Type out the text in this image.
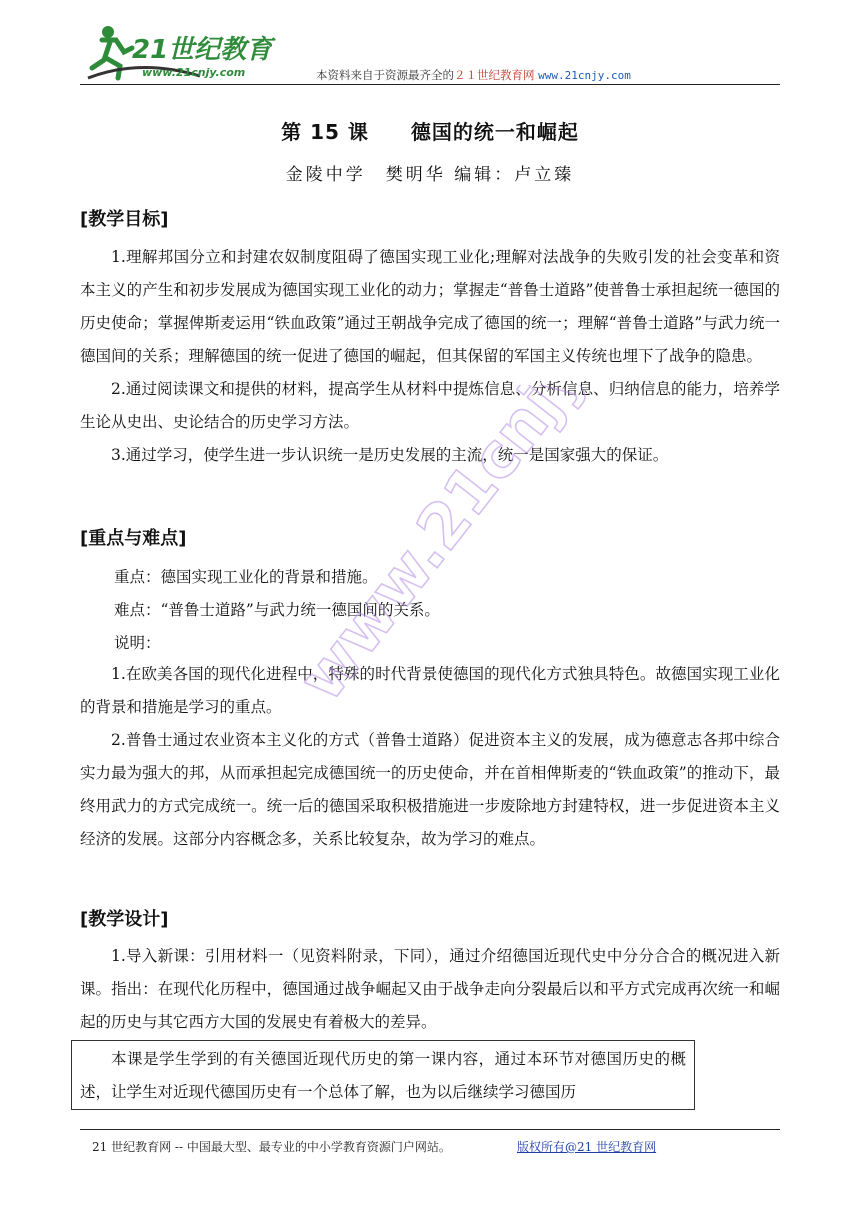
21世纪教育
www.21cnjy.com	本资料来自于资源最齐全的２１世纪教育网 www.21cnjy.com
第 15 课 德国的统一和崛起
金陵中学　樊明华 编辑：卢立臻
[教学目标]

1.理解邦国分立和封建农奴制度阻碍了德国实现工业化;理解对法战争的失败引发的社会变革和资本主义的产生和初步发展成为德国实现工业化的动力；掌握走“普鲁士道路”使普鲁士承担起统一德国的历史使命；掌握俾斯麦运用“铁血政策”通过王朝战争完成了德国的统一；理解“普鲁士道路”与武力统一德国间的关系；理解德国的统一促进了德国的崛起，但其保留的军国主义传统也埋下了战争的隐患。

2.通过阅读课文和提供的材料，提高学生从材料中提炼信息、分析信息、归纳信息的能力，培养学生论从史出、史论结合的历史学习方法。

3.通过学习，使学生进一步认识统一是历史发展的主流，统一是国家强大的保证。

[重点与难点]
重点：德国实现工业化的背景和措施。
难点：“普鲁士道路”与武力统一德国间的关系。
说明：

1.在欧美各国的现代化进程中，特殊的时代背景使德国的现代化方式独具特色。故德国实现工业化的背景和措施是学习的重点。

2.普鲁士通过农业资本主义化的方式（普鲁士道路）促进资本主义的发展，成为德意志各邦中综合实力最为强大的邦，从而承担起完成德国统一的历史使命，并在首相俾斯麦的“铁血政策”的推动下，最终用武力的方式完成统一。统一后的德国采取积极措施进一步废除地方封建特权，进一步促进资本主义经济的发展。这部分内容概念多，关系比较复杂，故为学习的难点。

[教学设计]

1.导入新课：引用材料一（见资料附录，下同），通过介绍德国近现代史中分分合合的概况进入新课。指出：在现代化历程中，德国通过战争崛起又由于战争走向分裂最后以和平方式完成再次统一和崛起的历史与其它西方大国的发展史有着极大的差异。

本课是学生学到的有关德国近现代历史的第一课内容，通过本环节对德国历史的概述，让学生对近现代德国历史有一个总体了解，也为以后继续学习德国历

www.21cnjy.com
21 世纪教育网 -- 中国最大型、最专业的中小学教育资源门户网站。	版权所有@21 世纪教育网
